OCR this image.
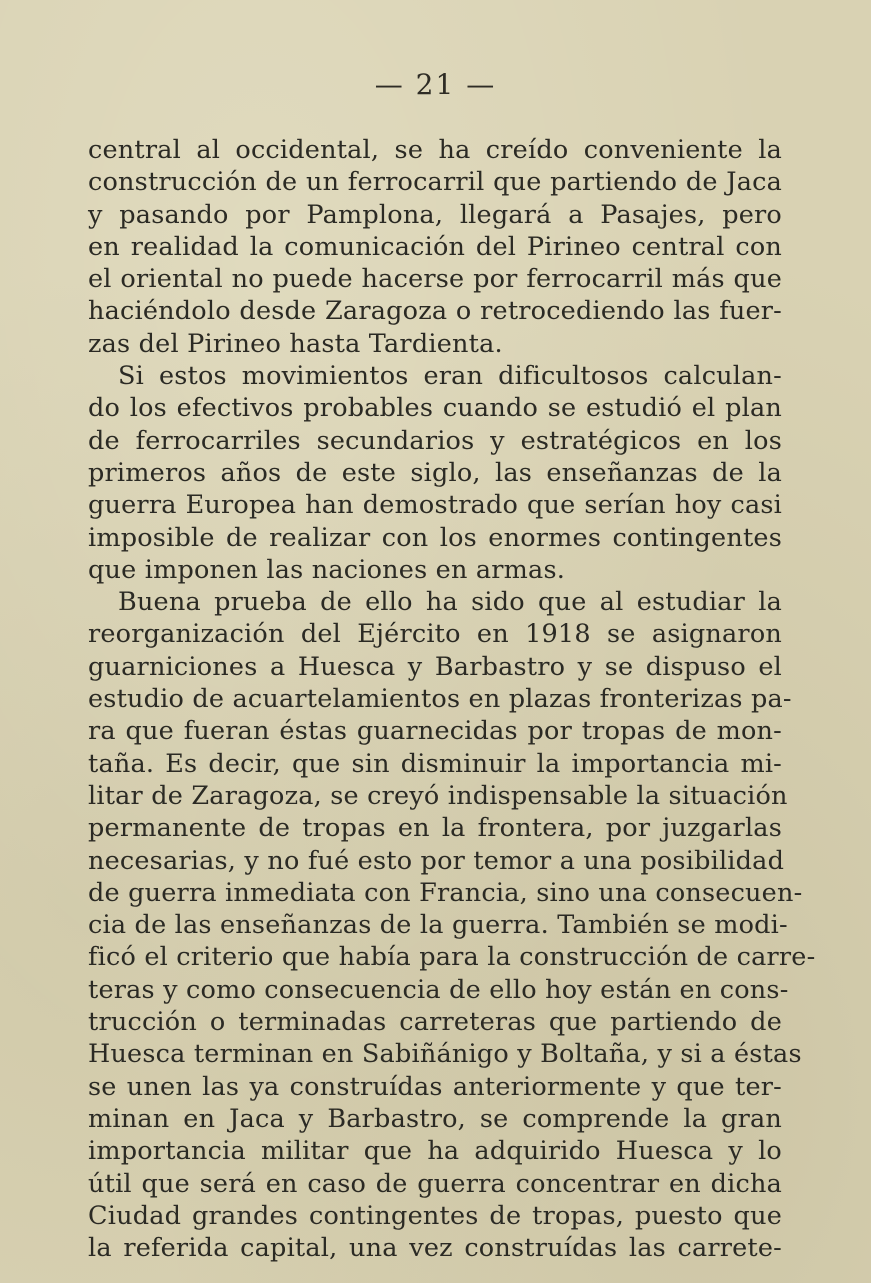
— 21 —
central al occidental, se ha creído conveniente la
construcción de un ferrocarril que partiendo de Jaca
y pasando por Pamplona, llegará a Pasajes, pero
en realidad la comunicación del Pirineo central con
el oriental no puede hacerse por ferrocarril más que
haciéndolo desde Zaragoza o retrocediendo las fuer-
zas del Pirineo hasta Tardienta.
Si estos movimientos eran dificultosos calculan-
do los efectivos probables cuando se estudió el plan
de ferrocarriles secundarios y estratégicos en los
primeros años de este siglo, las enseñanzas de la
guerra Europea han demostrado que serían hoy casi
imposible de realizar con los enormes contingentes
que imponen las naciones en armas.
Buena prueba de ello ha sido que al estudiar la
reorganización del Ejército en 1918 se asignaron
guarniciones a Huesca y Barbastro y se dispuso el
estudio de acuartelamientos en plazas fronterizas pa-
ra que fueran éstas guarnecidas por tropas de mon-
taña. Es decir, que sin disminuir la importancia mi-
litar de Zaragoza, se creyó indispensable la situación
permanente de tropas en la frontera, por juzgarlas
necesarias, y no fué esto por temor a una posibilidad
de guerra inmediata con Francia, sino una consecuen-
cia de las enseñanzas de la guerra. También se modi-
ficó el criterio que había para la construcción de carre-
teras y como consecuencia de ello hoy están en cons-
trucción o terminadas carreteras que partiendo de
Huesca terminan en Sabiñánigo y Boltaña, y si a éstas
se unen las ya construídas anteriormente y que ter-
minan en Jaca y Barbastro, se comprende la gran
importancia militar que ha adquirido Huesca y lo
útil que será en caso de guerra concentrar en dicha
Ciudad grandes contingentes de tropas, puesto que
la referida capital, una vez construídas las carrete-
